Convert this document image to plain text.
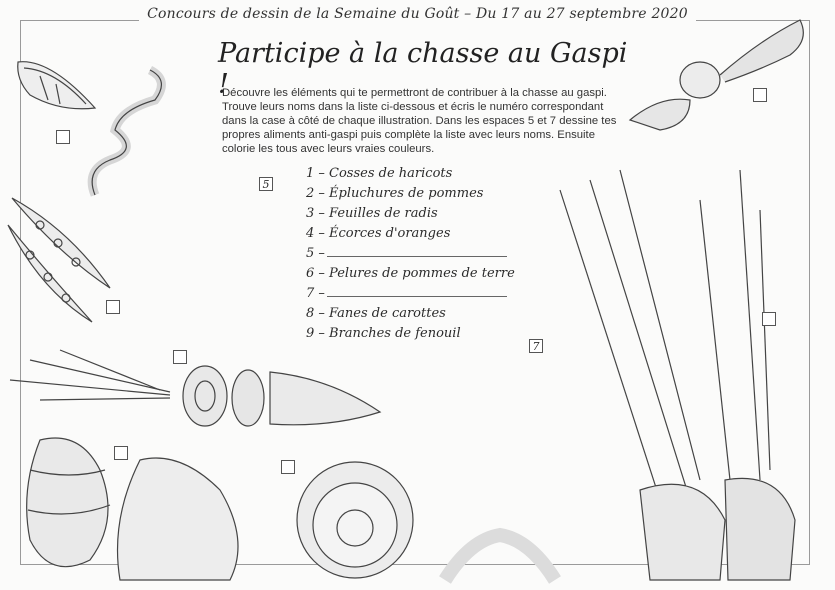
Concours de dessin de la Semaine du Goût – Du 17 au 27 septembre 2020
Participe à la chasse au Gaspi !
Découvre les éléments qui te permettront de contribuer à la chasse au gaspi. Trouve leurs noms dans la liste ci-dessous et écris le numéro correspondant dans la case à côté de chaque illustration. Dans les espaces 5 et 7 dessine tes propres aliments anti-gaspi puis complète la liste avec leurs noms. Ensuite colorie les tous avec leurs vraies couleurs.
1 – Cosses de haricots
2 – Épluchures de pommes
3 – Feuilles de radis
4 – Écorces d'oranges
5 –
6 – Pelures de pommes de terre
7 –
8 – Fanes de carottes
9 – Branches de fenouil
5
7
